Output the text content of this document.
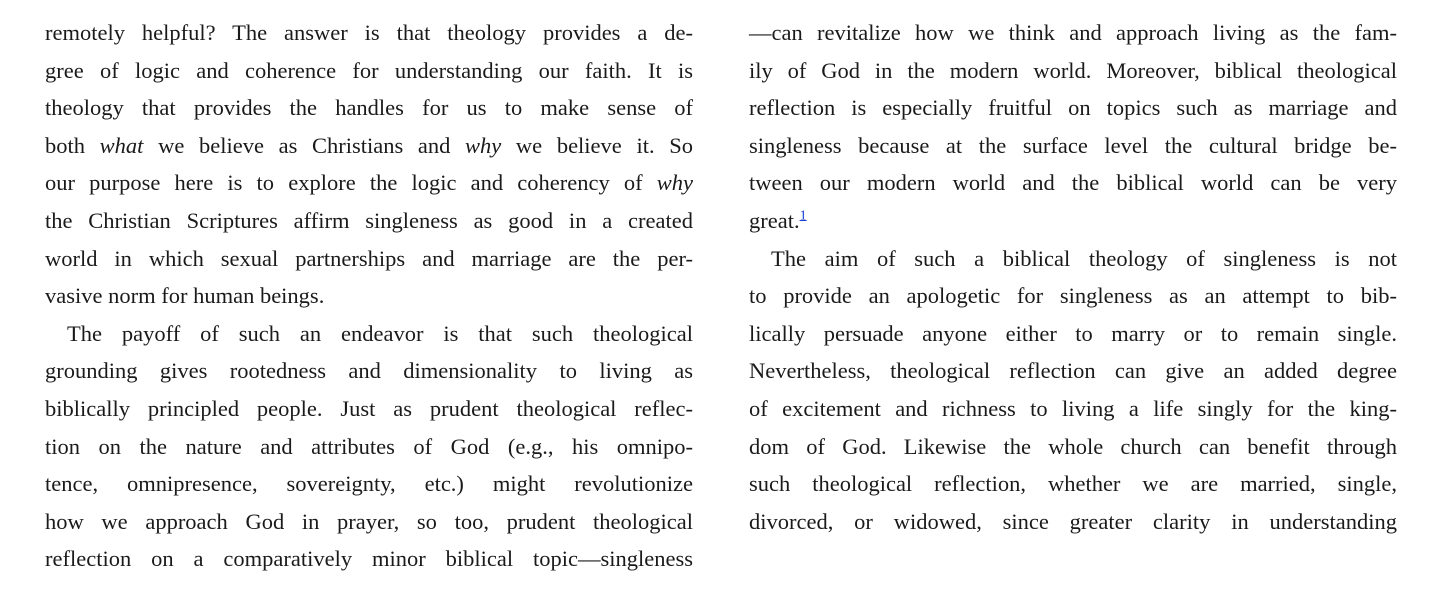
remotely helpful? The answer is that theology provides a de-
gree of logic and coherence for understanding our faith. It is
theology that provides the handles for us to make sense of
both what we believe as Christians and why we believe it. So
our purpose here is to explore the logic and coherency of why
the Christian Scriptures affirm singleness as good in a created
world in which sexual partnerships and marriage are the per-
vasive norm for human beings.
The payoff of such an endeavor is that such theological
grounding gives rootedness and dimensionality to living as
biblically principled people. Just as prudent theological reflec-
tion on the nature and attributes of God (e.g., his omnipo-
tence, omnipresence, sovereignty, etc.) might revolutionize
how we approach God in prayer, so too, prudent theological
reflection on a comparatively minor biblical topic—singleness
—can revitalize how we think and approach living as the fam-
ily of God in the modern world. Moreover, biblical theological
reflection is especially fruitful on topics such as marriage and
singleness because at the surface level the cultural bridge be-
tween our modern world and the biblical world can be very
great.$^1$
The aim of such a biblical theology of singleness is not
to provide an apologetic for singleness as an attempt to bib-
lically persuade anyone either to marry or to remain single.
Nevertheless, theological reflection can give an added degree
of excitement and richness to living a life singly for the king-
dom of God. Likewise the whole church can benefit through
such theological reflection, whether we are married, single,
divorced, or widowed, since greater clarity in understanding
